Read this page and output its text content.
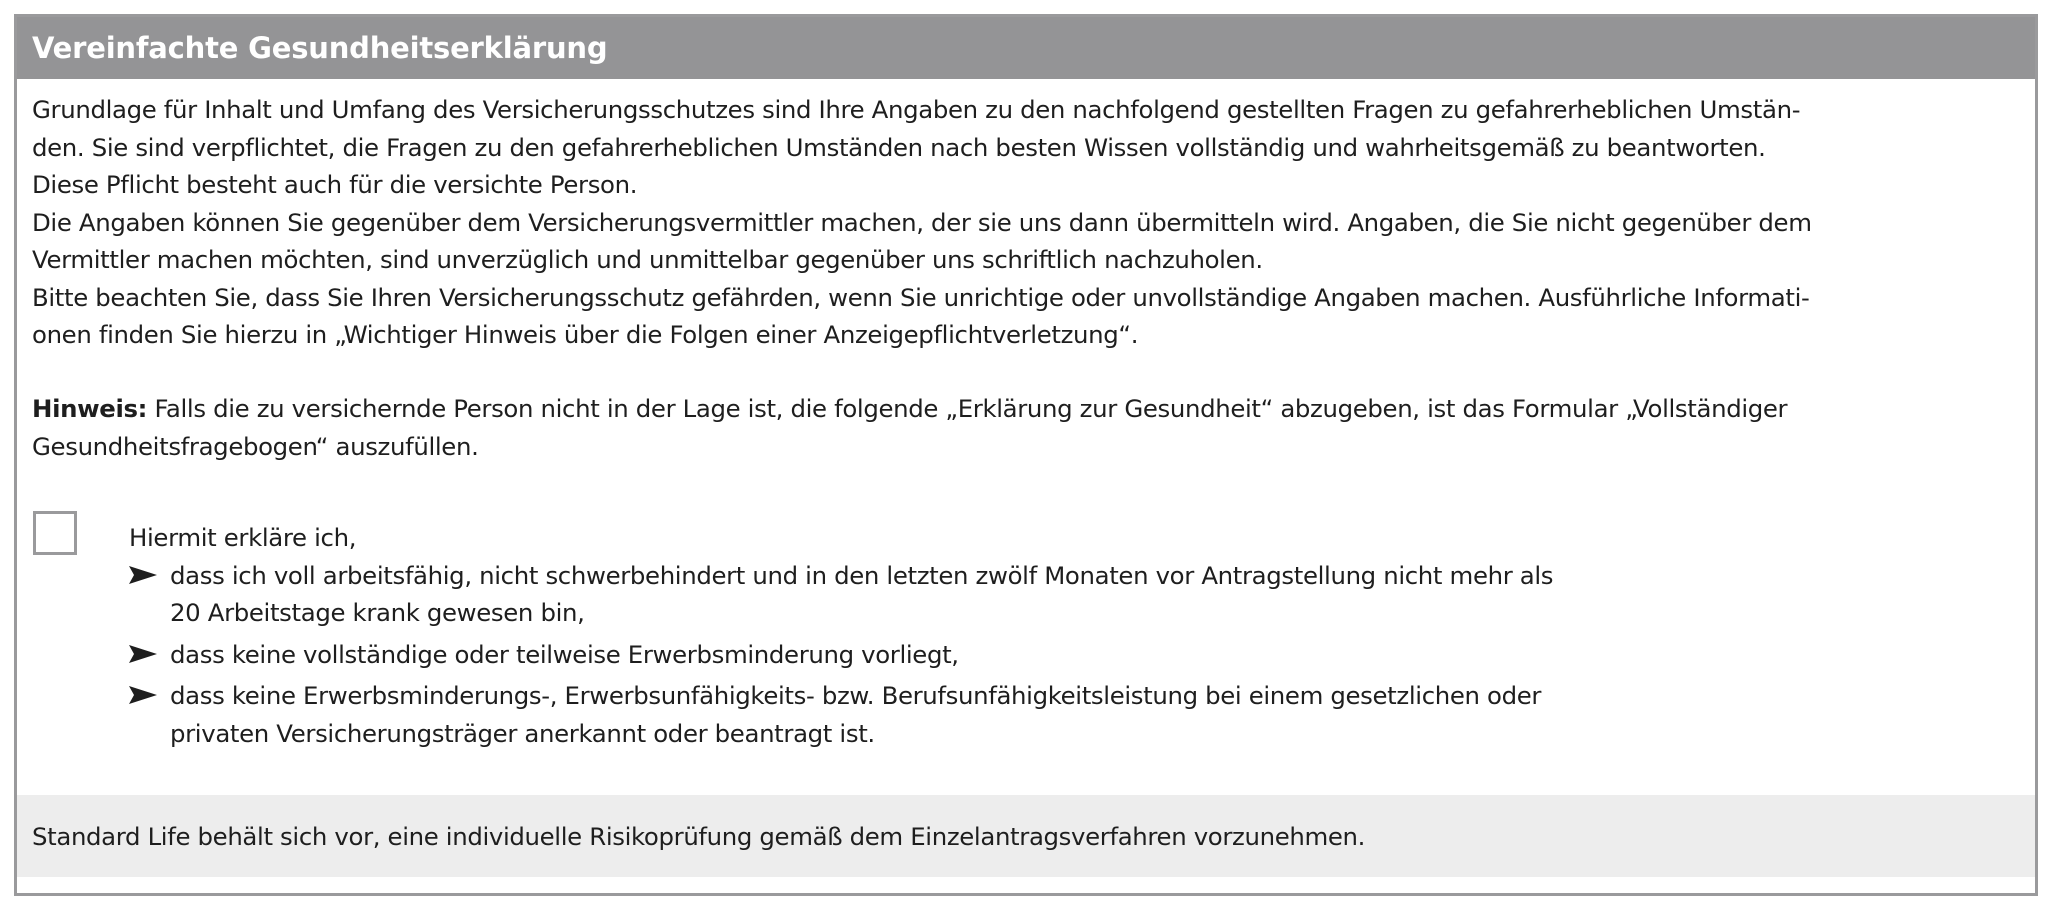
Vereinfachte Gesundheitserklärung

Grundlage für Inhalt und Umfang des Versicherungsschutzes sind Ihre Angaben zu den nachfolgend gestellten Fragen zu gefahrerheblichen Umstän-

den. Sie sind verpflichtet, die Fragen zu den gefahrerheblichen Umständen nach besten Wissen vollständig und wahrheitsgemäß zu beantworten.

Diese Pflicht besteht auch für die versichte Person.

Die Angaben können Sie gegenüber dem Versicherungsvermittler machen, der sie uns dann übermitteln wird. Angaben, die Sie nicht gegenüber dem

Vermittler machen möchten, sind unverzüglich und unmittelbar gegenüber uns schriftlich nachzuholen.

Bitte beachten Sie, dass Sie Ihren Versicherungsschutz gefährden, wenn Sie unrichtige oder unvollständige Angaben machen. Ausführliche Informati-

onen finden Sie hierzu in „Wichtiger Hinweis über die Folgen einer Anzeigepflichtverletzung“.

Hinweis: Falls die zu versichernde Person nicht in der Lage ist, die folgende „Erklärung zur Gesundheit“ abzugeben, ist das Formular „Vollständiger

Gesundheitsfragebogen“ auszufüllen.

Hiermit erkläre ich,

dass ich voll arbeitsfähig, nicht schwerbehindert und in den letzten zwölf Monaten vor Antragstellung nicht mehr als
20 Arbeitstage krank gewesen bin,
dass keine vollständige oder teilweise Erwerbsminderung vorliegt,
dass keine Erwerbsminderungs-, Erwerbsunfähigkeits- bzw. Berufsunfähigkeitsleistung bei einem gesetzlichen oder
privaten Versicherungsträger anerkannt oder beantragt ist.
Standard Life behält sich vor, eine individuelle Risikoprüfung gemäß dem Einzelantragsverfahren vorzunehmen.
